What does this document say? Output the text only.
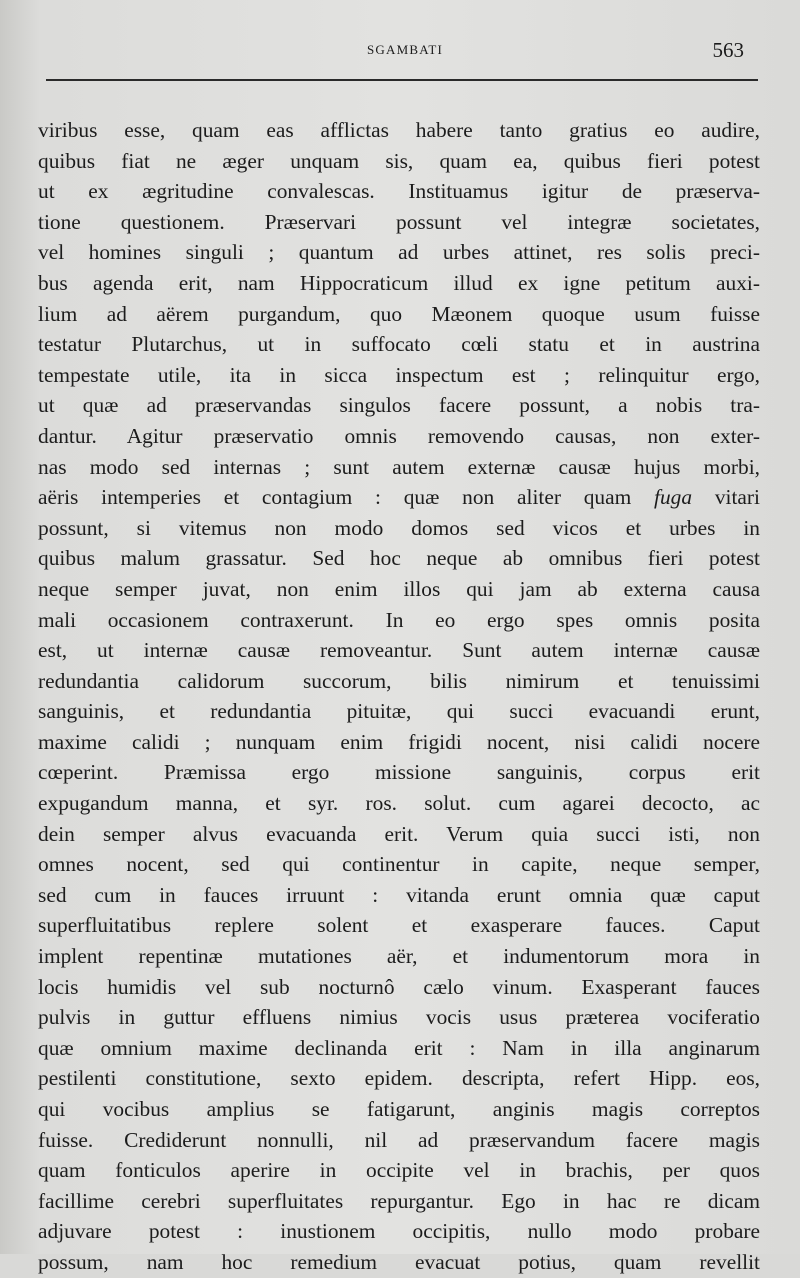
SGAMBATI	563
viribus esse, quam eas afflictas habere tanto gratius eo audire,
quibus fiat ne æger unquam sis, quam ea, quibus fieri potest
ut ex ægritudine convalescas. Instituamus igitur de præserva-
tione questionem. Præservari possunt vel integræ societates,
vel homines singuli ; quantum ad urbes attinet, res solis preci-
bus agenda erit, nam Hippocraticum illud ex igne petitum auxi-
lium ad aërem purgandum, quo Mæonem quoque usum fuisse
testatur Plutarchus, ut in suffocato cœli statu et in austrina
tempestate utile, ita in sicca inspectum est ; relinquitur ergo,
ut quæ ad præservandas singulos facere possunt, a nobis tra-
dantur. Agitur præservatio omnis removendo causas, non exter-
nas modo sed internas ; sunt autem externæ causæ hujus morbi,
aëris intemperies et contagium : quæ non aliter quam fuga vitari
possunt, si vitemus non modo domos sed vicos et urbes in
quibus malum grassatur. Sed hoc neque ab omnibus fieri potest
neque semper juvat, non enim illos qui jam ab externa causa
mali occasionem contraxerunt. In eo ergo spes omnis posita
est, ut internæ causæ removeantur. Sunt autem internæ causæ
redundantia calidorum succorum, bilis nimirum et tenuissimi
sanguinis, et redundantia pituitæ, qui succi evacuandi erunt,
maxime calidi ; nunquam enim frigidi nocent, nisi calidi nocere
cœperint. Præmissa ergo missione sanguinis, corpus erit
expugandum manna, et syr. ros. solut. cum agarei decocto, ac
dein semper alvus evacuanda erit. Verum quia succi isti, non
omnes nocent, sed qui continentur in capite, neque semper,
sed cum in fauces irruunt : vitanda erunt omnia quæ caput
superfluitatibus replere solent et exasperare fauces. Caput
implent repentinæ mutationes aër, et indumentorum mora in
locis humidis vel sub nocturnô cælo vinum. Exasperant fauces
pulvis in guttur effluens nimius vocis usus præterea vociferatio
quæ omnium maxime declinanda erit : Nam in illa anginarum
pestilenti constitutione, sexto epidem. descripta, refert Hipp. eos,
qui vocibus amplius se fatigarunt, anginis magis correptos
fuisse. Crediderunt nonnulli, nil ad præservandum facere magis
quam fonticulos aperire in occipite vel in brachis, per quos
facillime cerebri superfluitates repurgantur. Ego in hac re dicam
adjuvare potest : inustionem occipitis, nullo modo probare
possum, nam hoc remedium evacuat potius, quam revellit
